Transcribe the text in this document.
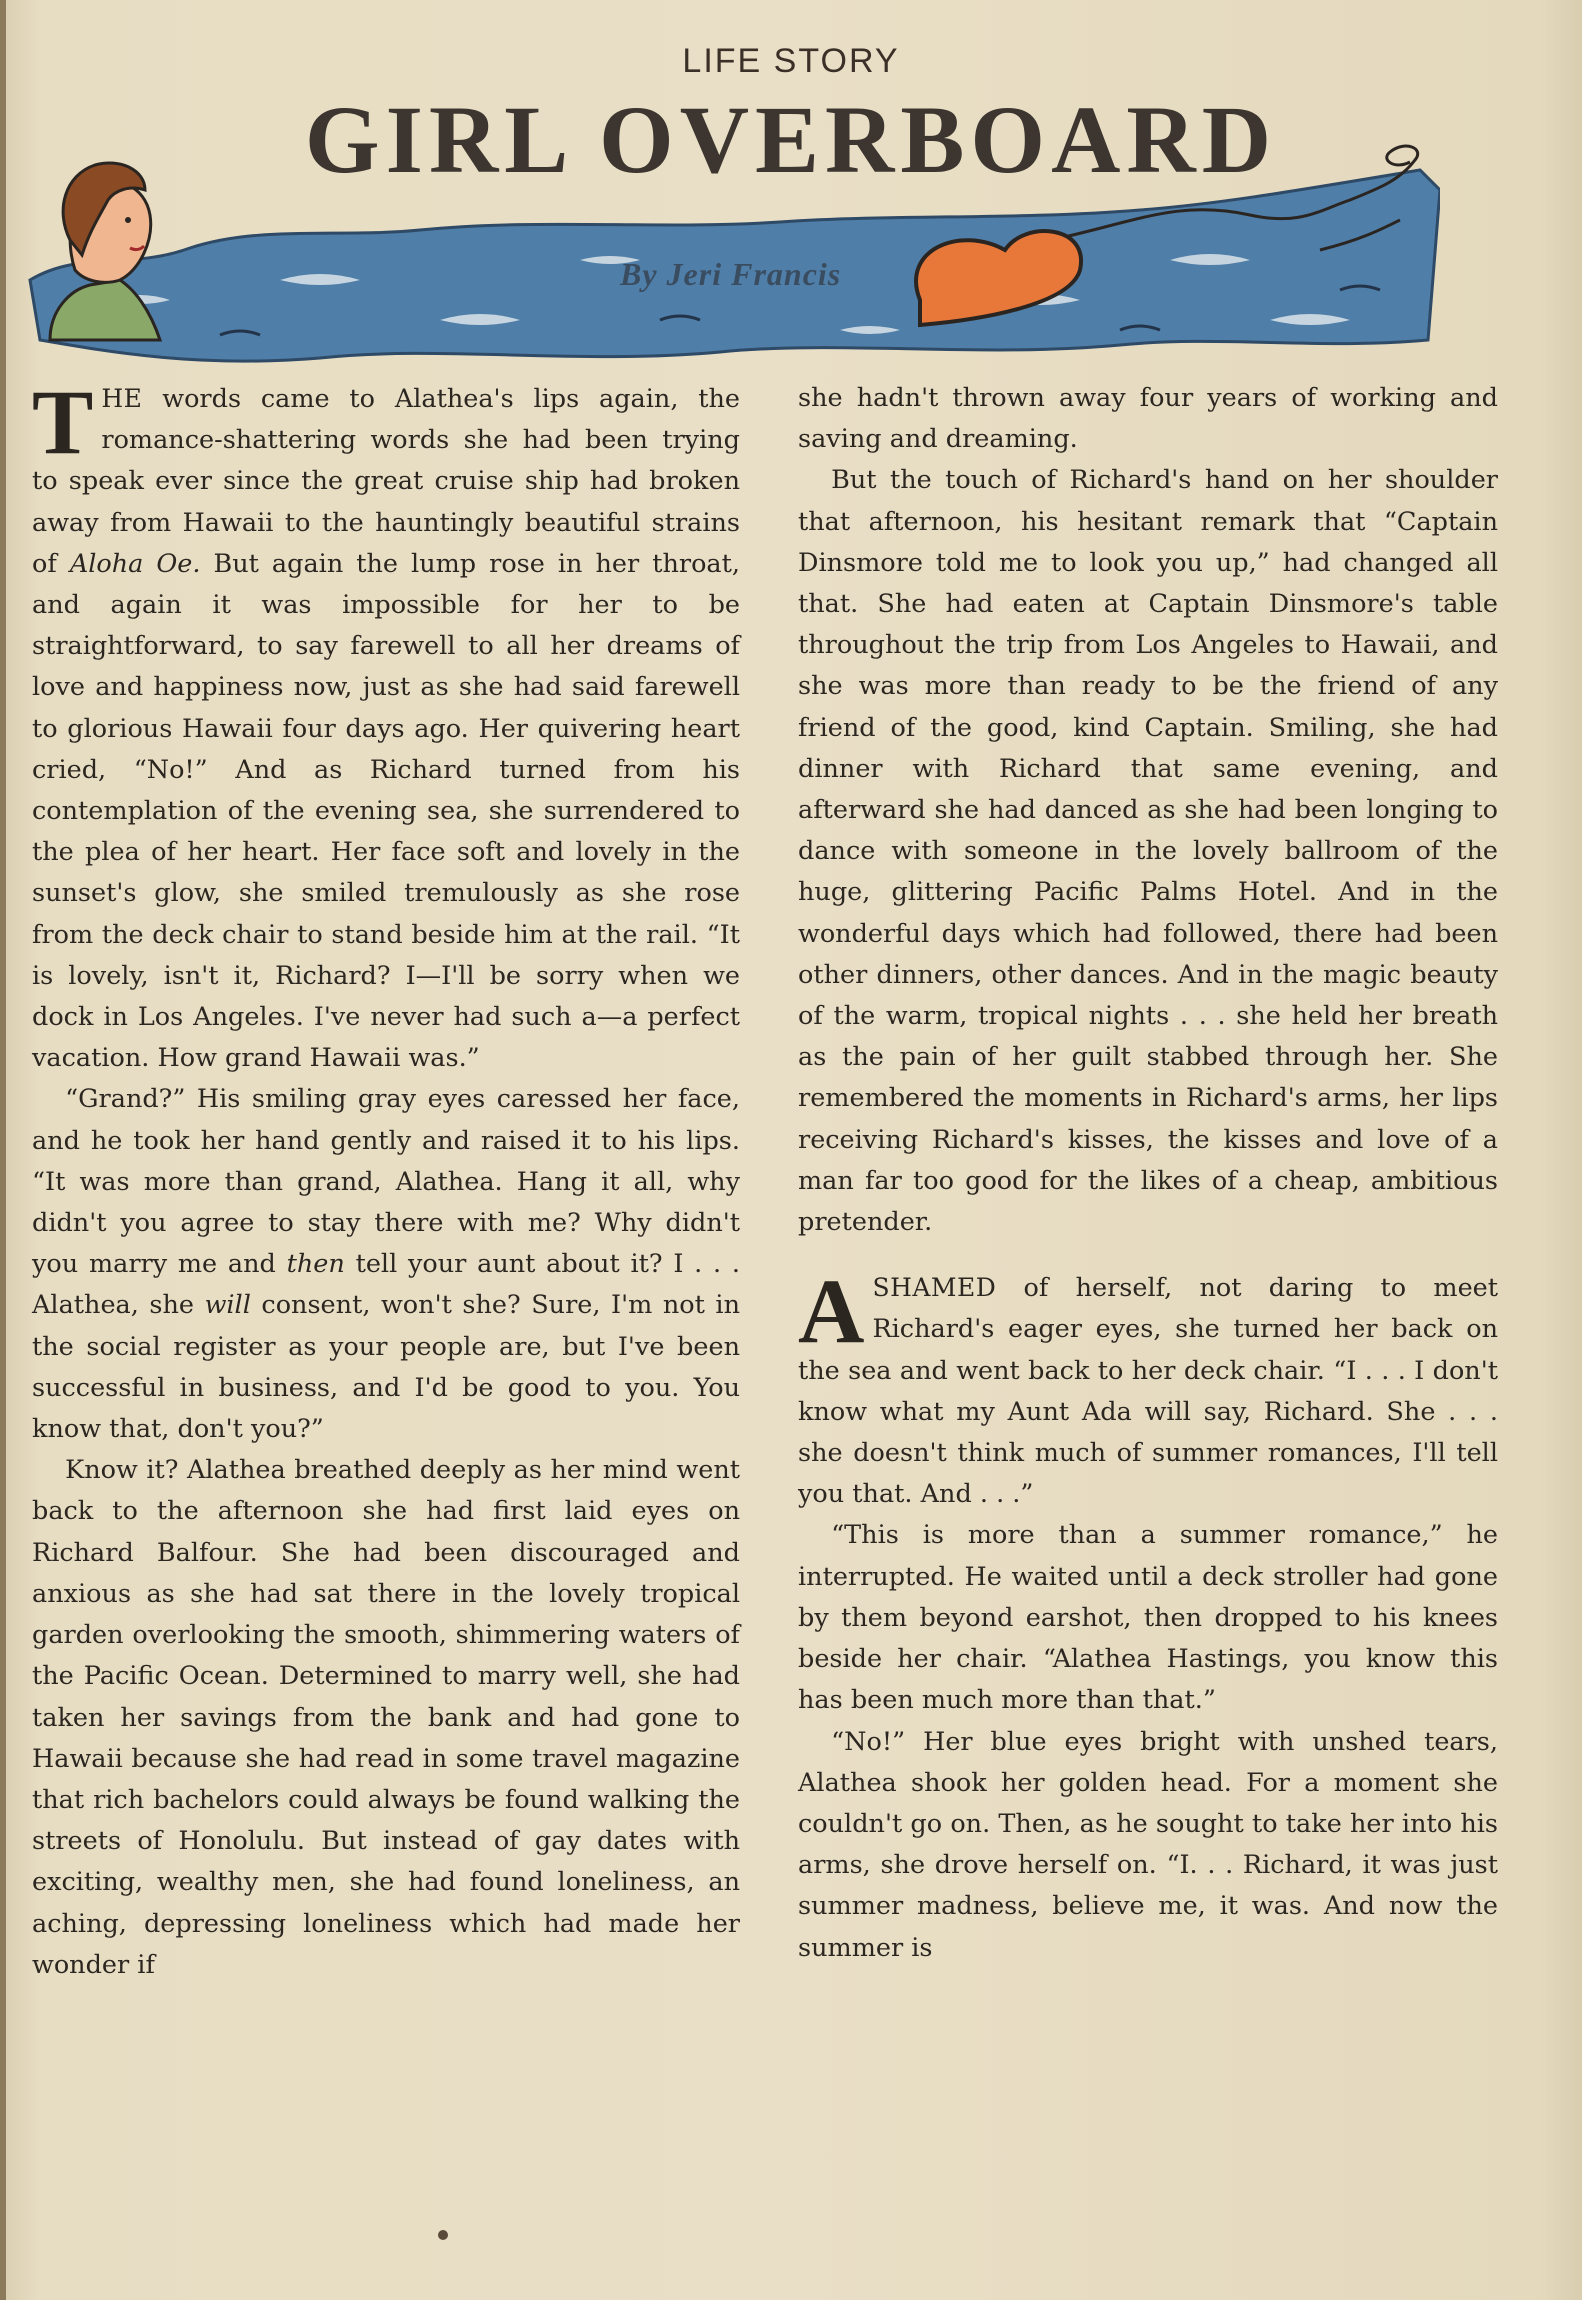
LIFE STORY
GIRL OVERBOARD
By Jeri Francis

THE words came to Alathea's lips again, the romance-shattering words she had been trying to speak ever since the great cruise ship had broken away from Hawaii to the hauntingly beautiful strains of Aloha Oe. But again the lump rose in her throat, and again it was impossible for her to be straightforward, to say farewell to all her dreams of love and happiness now, just as she had said farewell to glorious Hawaii four days ago. Her quivering heart cried, “No!” And as Richard turned from his contemplation of the evening sea, she surrendered to the plea of her heart. Her face soft and lovely in the sunset's glow, she smiled tremulously as she rose from the deck chair to stand beside him at the rail. “It is lovely, isn't it, Richard? I—I'll be sorry when we dock in Los Angeles. I've never had such a—a perfect vacation. How grand Hawaii was.”

“Grand?” His smiling gray eyes caressed her face, and he took her hand gently and raised it to his lips. “It was more than grand, Alathea. Hang it all, why didn't you agree to stay there with me? Why didn't you marry me and then tell your aunt about it? I . . . Alathea, she will consent, won't she? Sure, I'm not in the social register as your people are, but I've been successful in business, and I'd be good to you. You know that, don't you?”

Know it? Alathea breathed deeply as her mind went back to the afternoon she had first laid eyes on Richard Balfour. She had been discouraged and anxious as she had sat there in the lovely tropical garden overlooking the smooth, shimmering waters of the Pacific Ocean. Determined to marry well, she had taken her savings from the bank and had gone to Hawaii because she had read in some travel magazine that rich bachelors could always be found walking the streets of Honolulu. But instead of gay dates with exciting, wealthy men, she had found loneliness, an aching, depressing loneliness which had made her wonder if

she hadn't thrown away four years of working and saving and dreaming.

But the touch of Richard's hand on her shoulder that afternoon, his hesitant remark that “Captain Dinsmore told me to look you up,” had changed all that. She had eaten at Captain Dinsmore's table throughout the trip from Los Angeles to Hawaii, and she was more than ready to be the friend of any friend of the good, kind Captain. Smiling, she had dinner with Richard that same evening, and afterward she had danced as she had been longing to dance with someone in the lovely ballroom of the huge, glittering Pacific Palms Hotel. And in the wonderful days which had followed, there had been other dinners, other dances. And in the magic beauty of the warm, tropical nights . . . she held her breath as the pain of her guilt stabbed through her. She remembered the moments in Richard's arms, her lips receiving Richard's kisses, the kisses and love of a man far too good for the likes of a cheap, ambitious pretender.

ASHAMED of herself, not daring to meet Richard's eager eyes, she turned her back on the sea and went back to her deck chair. “I . . . I don't know what my Aunt Ada will say, Richard. She . . . she doesn't think much of summer romances, I'll tell you that. And . . .”

“This is more than a summer romance,” he interrupted. He waited until a deck stroller had gone by them beyond earshot, then dropped to his knees beside her chair. “Alathea Hastings, you know this has been much more than that.”

“No!” Her blue eyes bright with unshed tears, Alathea shook her golden head. For a moment she couldn't go on. Then, as he sought to take her into his arms, she drove herself on. “I. . . Richard, it was just summer madness, believe me, it was. And now the summer is
